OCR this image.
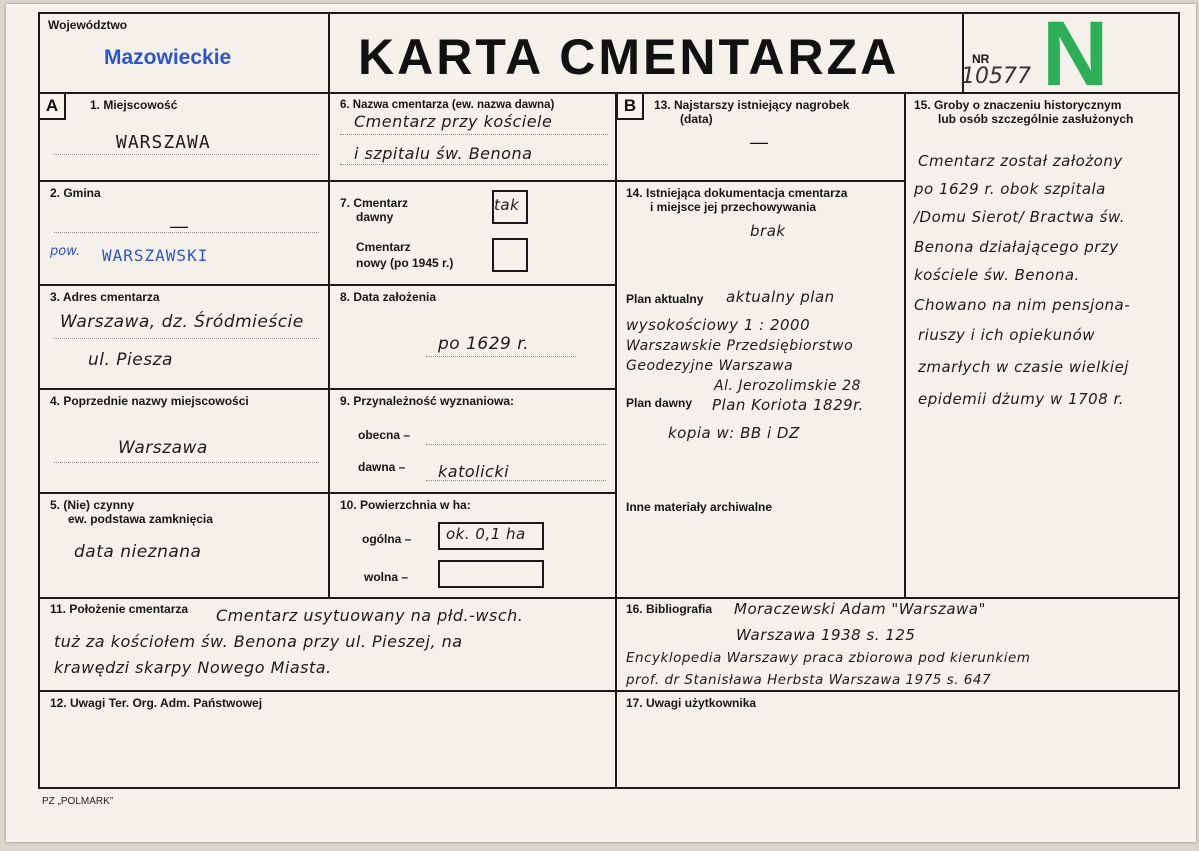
Województwo
Mazowieckie	KARTA CMENTARZA	NR
10577 N
A	B
1. Miejscowość
WARSZAWA
2. Gmina
—
pow. WARSZAWSKI
3. Adres cmentarza
Warszawa, dz. Śródmieście
ul. Piesza
4. Poprzednie nazwy miejscowości
Warszawa
5. (Nie) czynny
ew. podstawa zamknięcia
data nieznana
6. Nazwa cmentarza (ew. nazwa dawna)
Cmentarz przy kościele
i szpitalu św. Benona
7. Cmentarz
dawny
tak
Cmentarz
nowy (po 1945 r.)
8. Data założenia
po 1629 r.
9. Przynależność wyznaniowa:
obecna –
dawna – katolicki
10. Powierzchnia w ha:
ogólna – ok. 0,1 ha
wolna –
13. Najstarszy istniejący nagrobek
(data)
—
14. Istniejąca dokumentacja cmentarza
i miejsce jej przechowywania
brak
Plan aktualny aktualny plan
wysokościowy 1 : 2000
Warszawskie Przedsiębiorstwo
Geodezyjne Warszawa
Al. Jerozolimskie 28
Plan dawny Plan Koriota 1829r.
kopia w: BB i DZ
Inne materiały archiwalne
15. Groby o znaczeniu historycznym
lub osób szczególnie zasłużonych
Cmentarz został założony
po 1629 r. obok szpitala
/Domu Sierot/ Bractwa św.
Benona działającego przy
kościele św. Benona.
Chowano na nim pensjona-
riuszy i ich opiekunów
zmarłych w czasie wielkiej
epidemii dżumy w 1708 r.
11. Położenie cmentarza Cmentarz usytuowany na płd.-wsch.
tuż za kościołem św. Benona przy ul. Pieszej, na
krawędzi skarpy Nowego Miasta.
12. Uwagi Ter. Org. Adm. Państwowej
16. Bibliografia Moraczewski Adam "Warszawa"
Warszawa 1938 s. 125
Encyklopedia Warszawy praca zbiorowa pod kierunkiem
prof. dr Stanisława Herbsta Warszawa 1975 s. 647
17. Uwagi użytkownika
PZ „POLMARK”
